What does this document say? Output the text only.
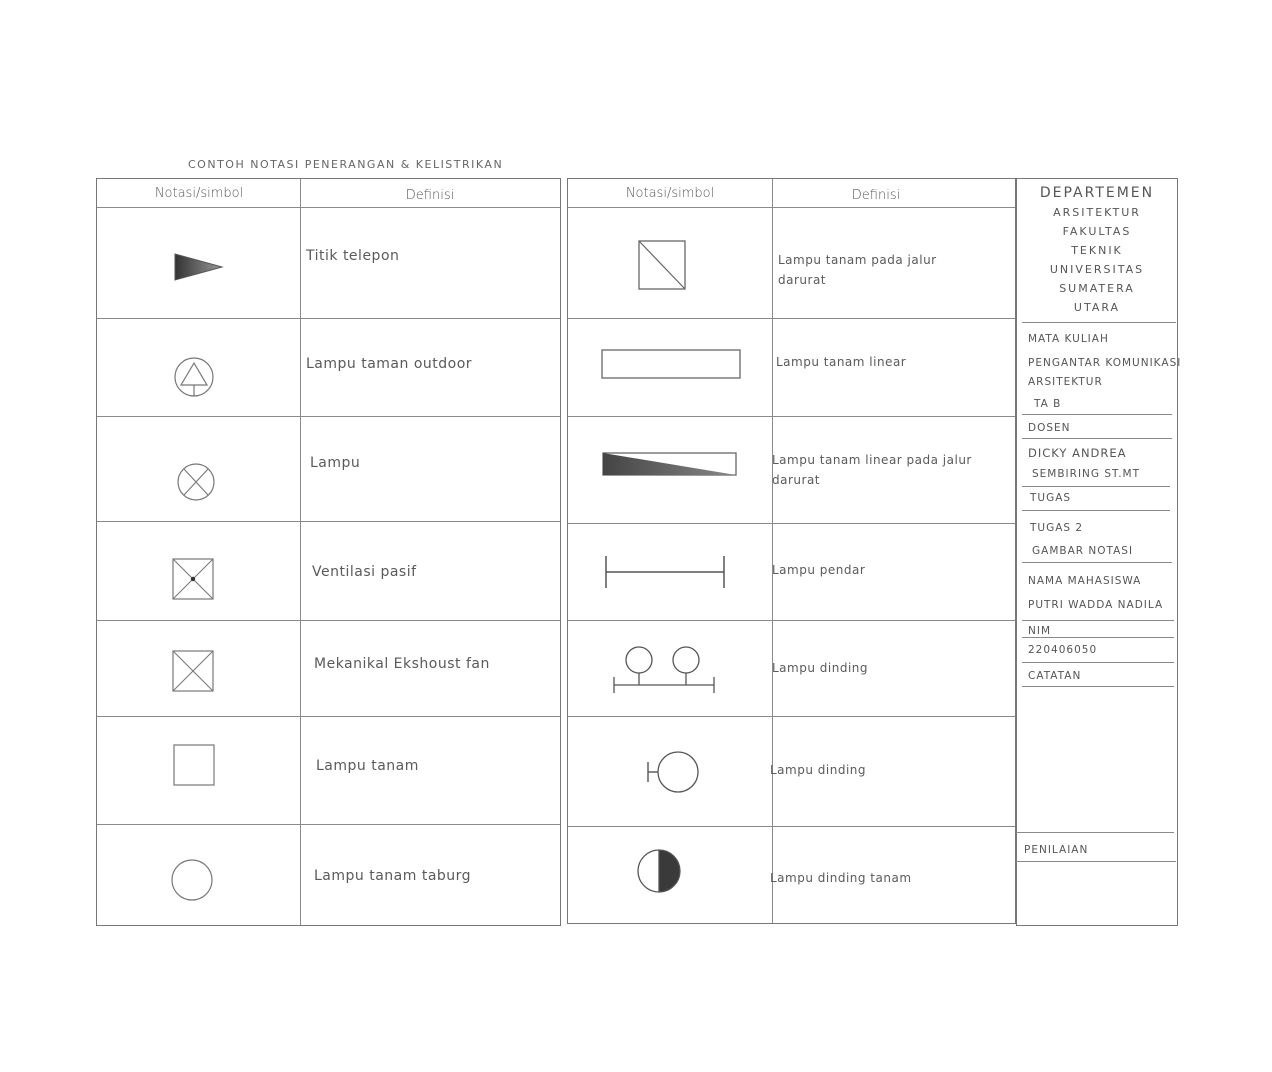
CONTOH NOTASI PENERANGAN & KELISTRIKAN
Notasi/simbol	Definisi
Titik telepon
Lampu taman outdoor
Lampu
Ventilasi pasif
Mekanikal Ekshoust fan
Lampu tanam
Lampu tanam taburg
Notasi/simbol	Definisi
Lampu tanam pada jalur darurat
Lampu tanam linear
Lampu tanam linear pada jalur darurat
Lampu pendar
Lampu dinding
Lampu dinding
Lampu dinding tanam
DEPARTEMEN
ARSITEKTUR
FAKULTAS
TEKNIK
UNIVERSITAS
SUMATERA
UTARA
MATA KULIAH
PENGANTAR KOMUNIKASI
ARSITEKTUR
TA B
DOSEN
DICKY ANDREA
SEMBIRING ST.MT
TUGAS
TUGAS 2
GAMBAR NOTASI
NAMA MAHASISWA
PUTRI WADDA NADILA
NIM
220406050
CATATAN
PENILAIAN
